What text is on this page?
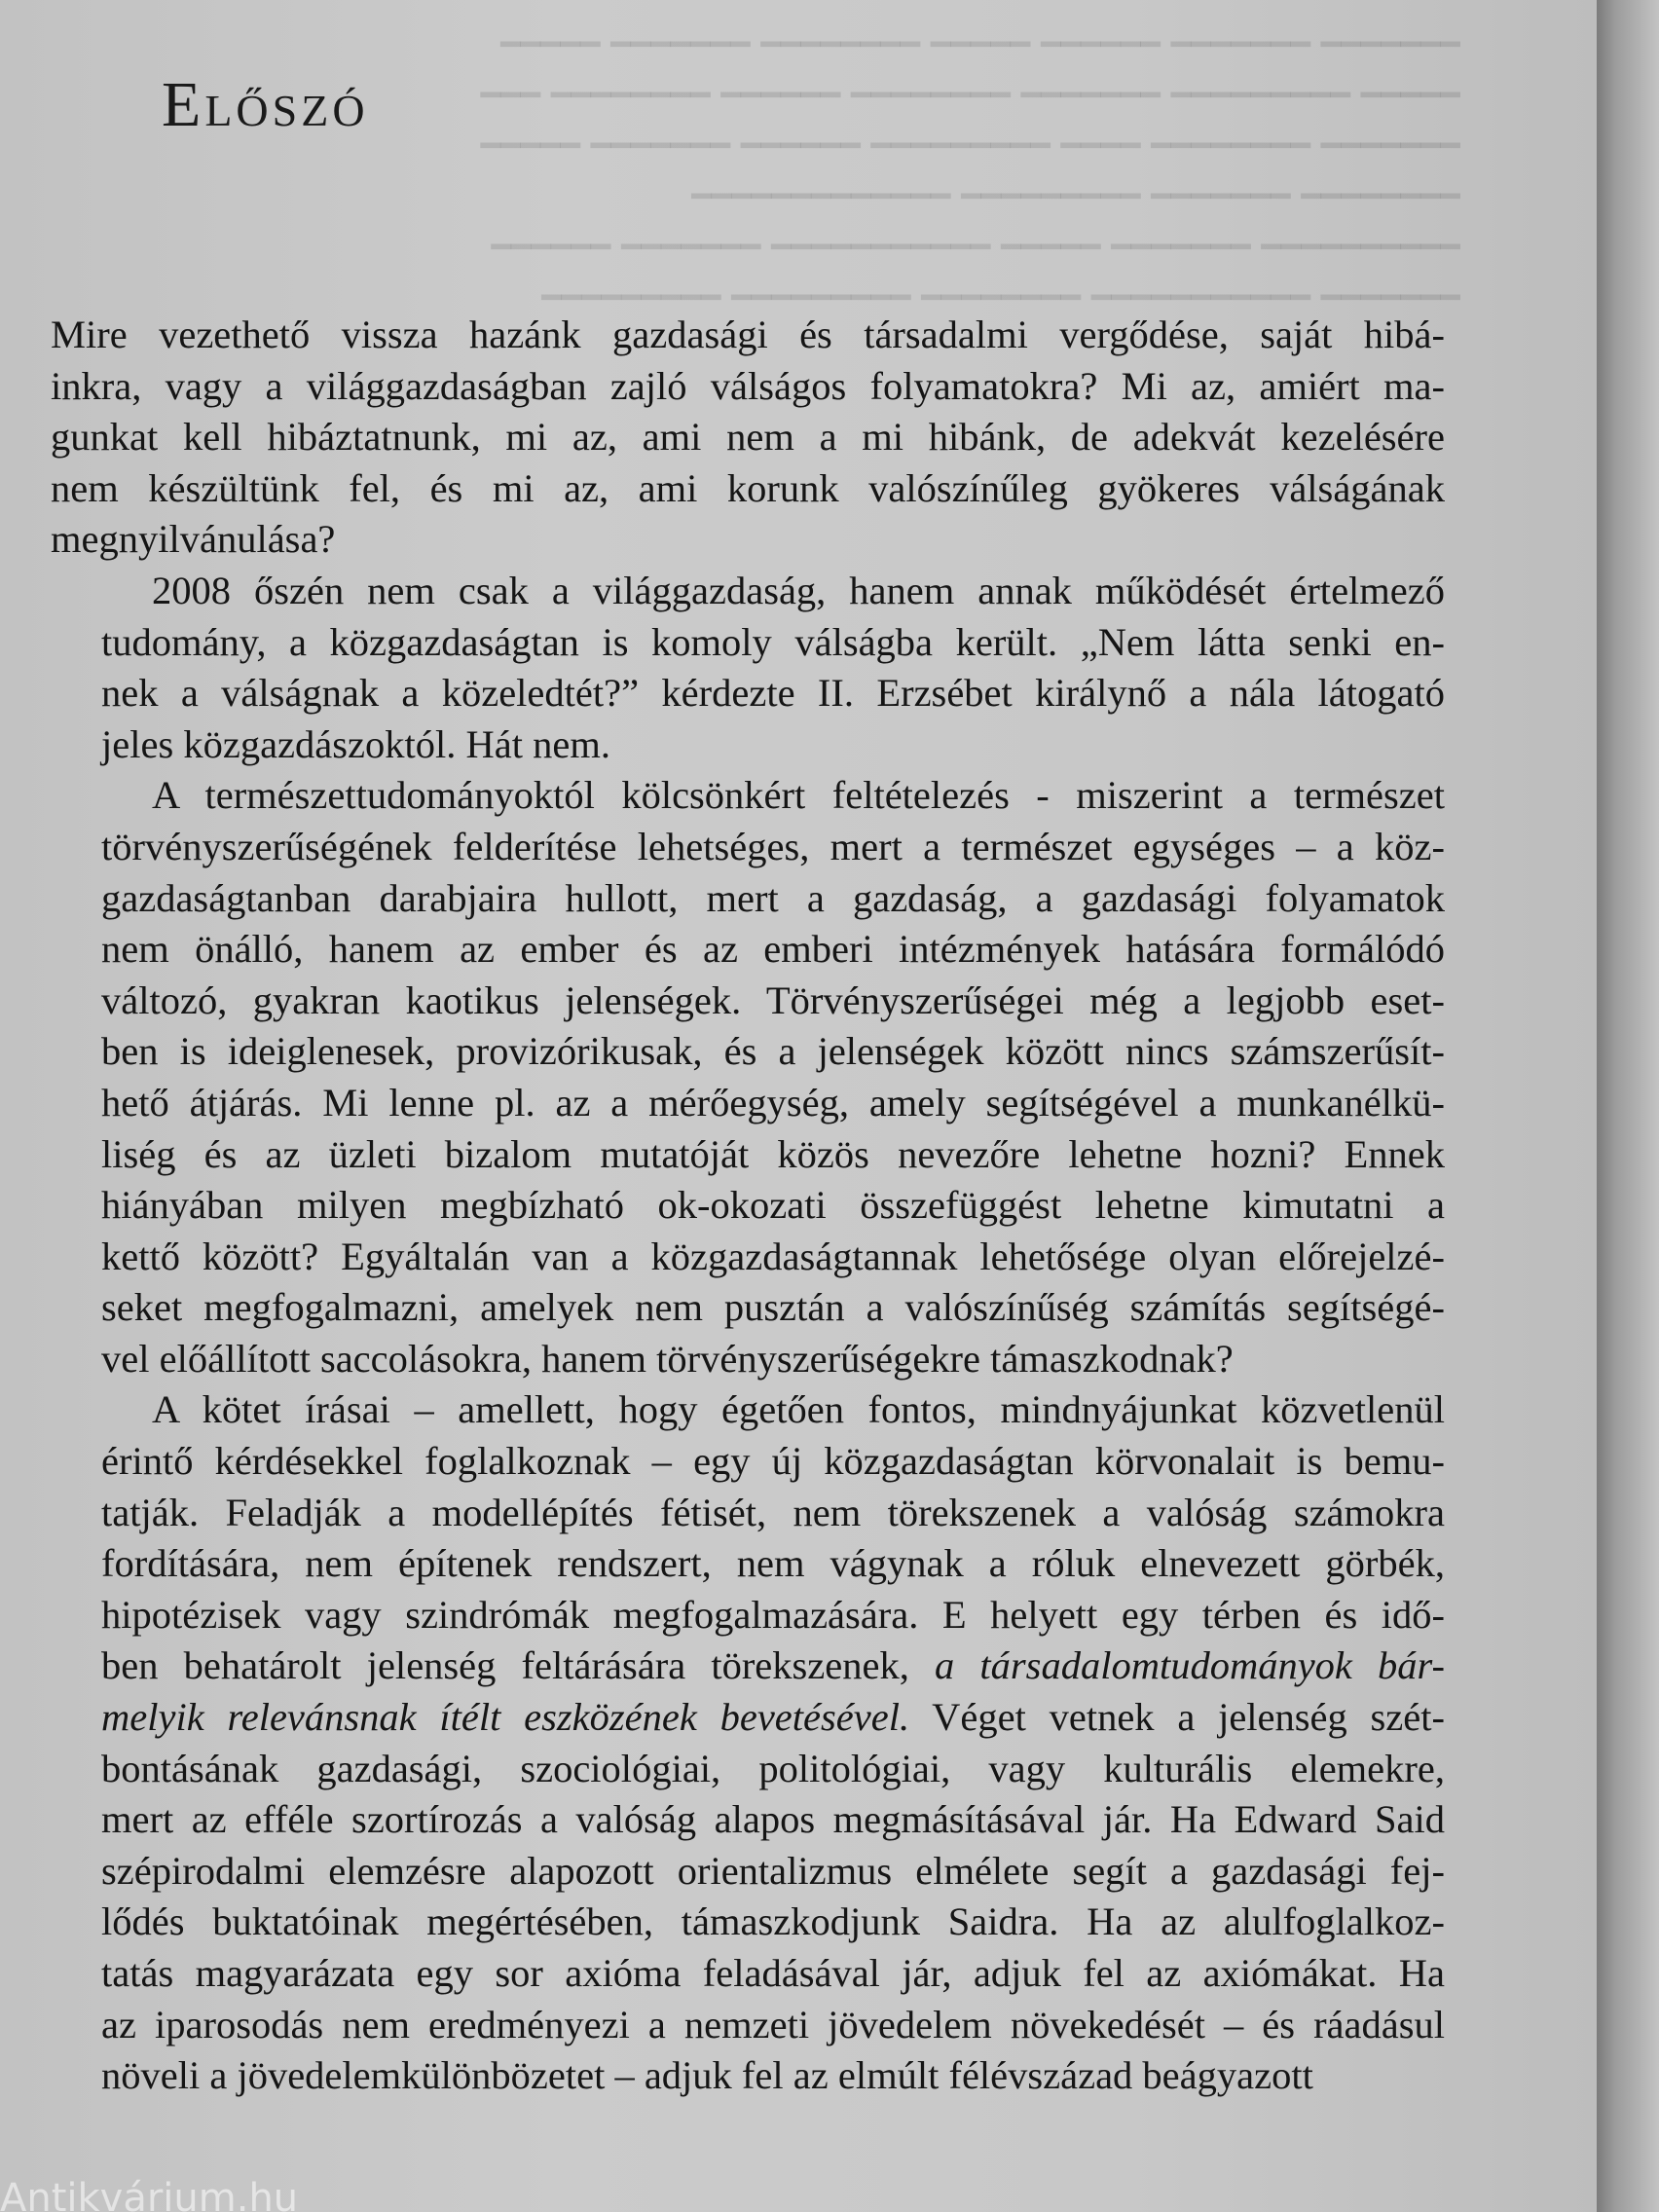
━━━━━━━ ━━━━━━━ ━━━━━━ ━━━━━ ━━━━━━━━ ━━━━━━━ ━━━━━
━━━━━ ━━━━━━━━━ ━━━━━━━ ━━━━━━━━ ━━━━━━ ━━━━━━━━ ━━━
━━━━━━━ ━━━━━━━━ ━━━━ ━━━━━━━━━ ━━━━━━ ━━━━━━━ ━━━━━
━━━━━━━━ ━━━━━━━ ━━━━━━━━━ ━━━━━━━━━━━━━
━━━━━━━━━━ ━━━━━━━ ━━━━━ ━━━━━━━━━━━ ━━━━━━━ ━━━━━━
━━━━━━━ ━━━━━━━━━━━ ━━━━━━━━ ━━━━━━━━━ ━━━━━━━━━
Előszó

Mire vezethető vissza hazánk gazdasági és társadalmi vergődése, saját hibá-
inkra, vagy a világgazdaságban zajló válságos folyamatokra? Mi az, amiért ma-
gunkat kell hibáztatnunk, mi az, ami nem a mi hibánk, de adekvát kezelésére
nem készültünk fel, és mi az, ami korunk valószínűleg gyökeres válságának
megnyilvánulása?

2008 őszén nem csak a világgazdaság, hanem annak működését értelmező
tudomány, a közgazdaságtan is komoly válságba került. „Nem látta senki en-
nek a válságnak a közeledtét?” kérdezte II. Erzsébet királynő a nála látogató
jeles közgazdászoktól. Hát nem.

A természettudományoktól kölcsönkért feltételezés - miszerint a természet
törvényszerűségének felderítése lehetséges, mert a természet egységes – a köz-
gazdaságtanban darabjaira hullott, mert a gazdaság, a gazdasági folyamatok
nem önálló, hanem az ember és az emberi intézmények hatására formálódó
változó, gyakran kaotikus jelenségek. Törvényszerűségei még a legjobb eset-
ben is ideiglenesek, provizórikusak, és a jelenségek között nincs számszerűsít-
hető átjárás. Mi lenne pl. az a mérőegység, amely segítségével a munkanélkü-
liség és az üzleti bizalom mutatóját közös nevezőre lehetne hozni? Ennek
hiányában milyen megbízható ok-okozati összefüggést lehetne kimutatni a
kettő között? Egyáltalán van a közgazdaságtannak lehetősége olyan előrejelzé-
seket megfogalmazni, amelyek nem pusztán a valószínűség számítás segítségé-
vel előállított saccolásokra, hanem törvényszerűségekre támaszkodnak?

A kötet írásai – amellett, hogy égetően fontos, mindnyájunkat közvetlenül
érintő kérdésekkel foglalkoznak – egy új közgazdaságtan körvonalait is bemu-
tatják. Feladják a modellépítés fétisét, nem törekszenek a valóság számokra
fordítására, nem építenek rendszert, nem vágynak a róluk elnevezett görbék,
hipotézisek vagy szindrómák megfogalmazására. E helyett egy térben és idő-
ben behatárolt jelenség feltárására törekszenek, a társadalomtudományok bár-
melyik relevánsnak ítélt eszközének bevetésével. Véget vetnek a jelenség szét-
bontásának gazdasági, szociológiai, politológiai, vagy kulturális elemekre,
mert az efféle szortírozás a valóság alapos megmásításával jár. Ha Edward Said
szépirodalmi elemzésre alapozott orientalizmus elmélete segít a gazdasági fej-
lődés buktatóinak megértésében, támaszkodjunk Saidra. Ha az alulfoglalkoz-
tatás magyarázata egy sor axióma feladásával jár, adjuk fel az axiómákat. Ha
az iparosodás nem eredményezi a nemzeti jövedelem növekedését – és ráadásul
növeli a jövedelemkülönbözetet – adjuk fel az elmúlt félévszázad beágyazott

Antikvárium.hu
